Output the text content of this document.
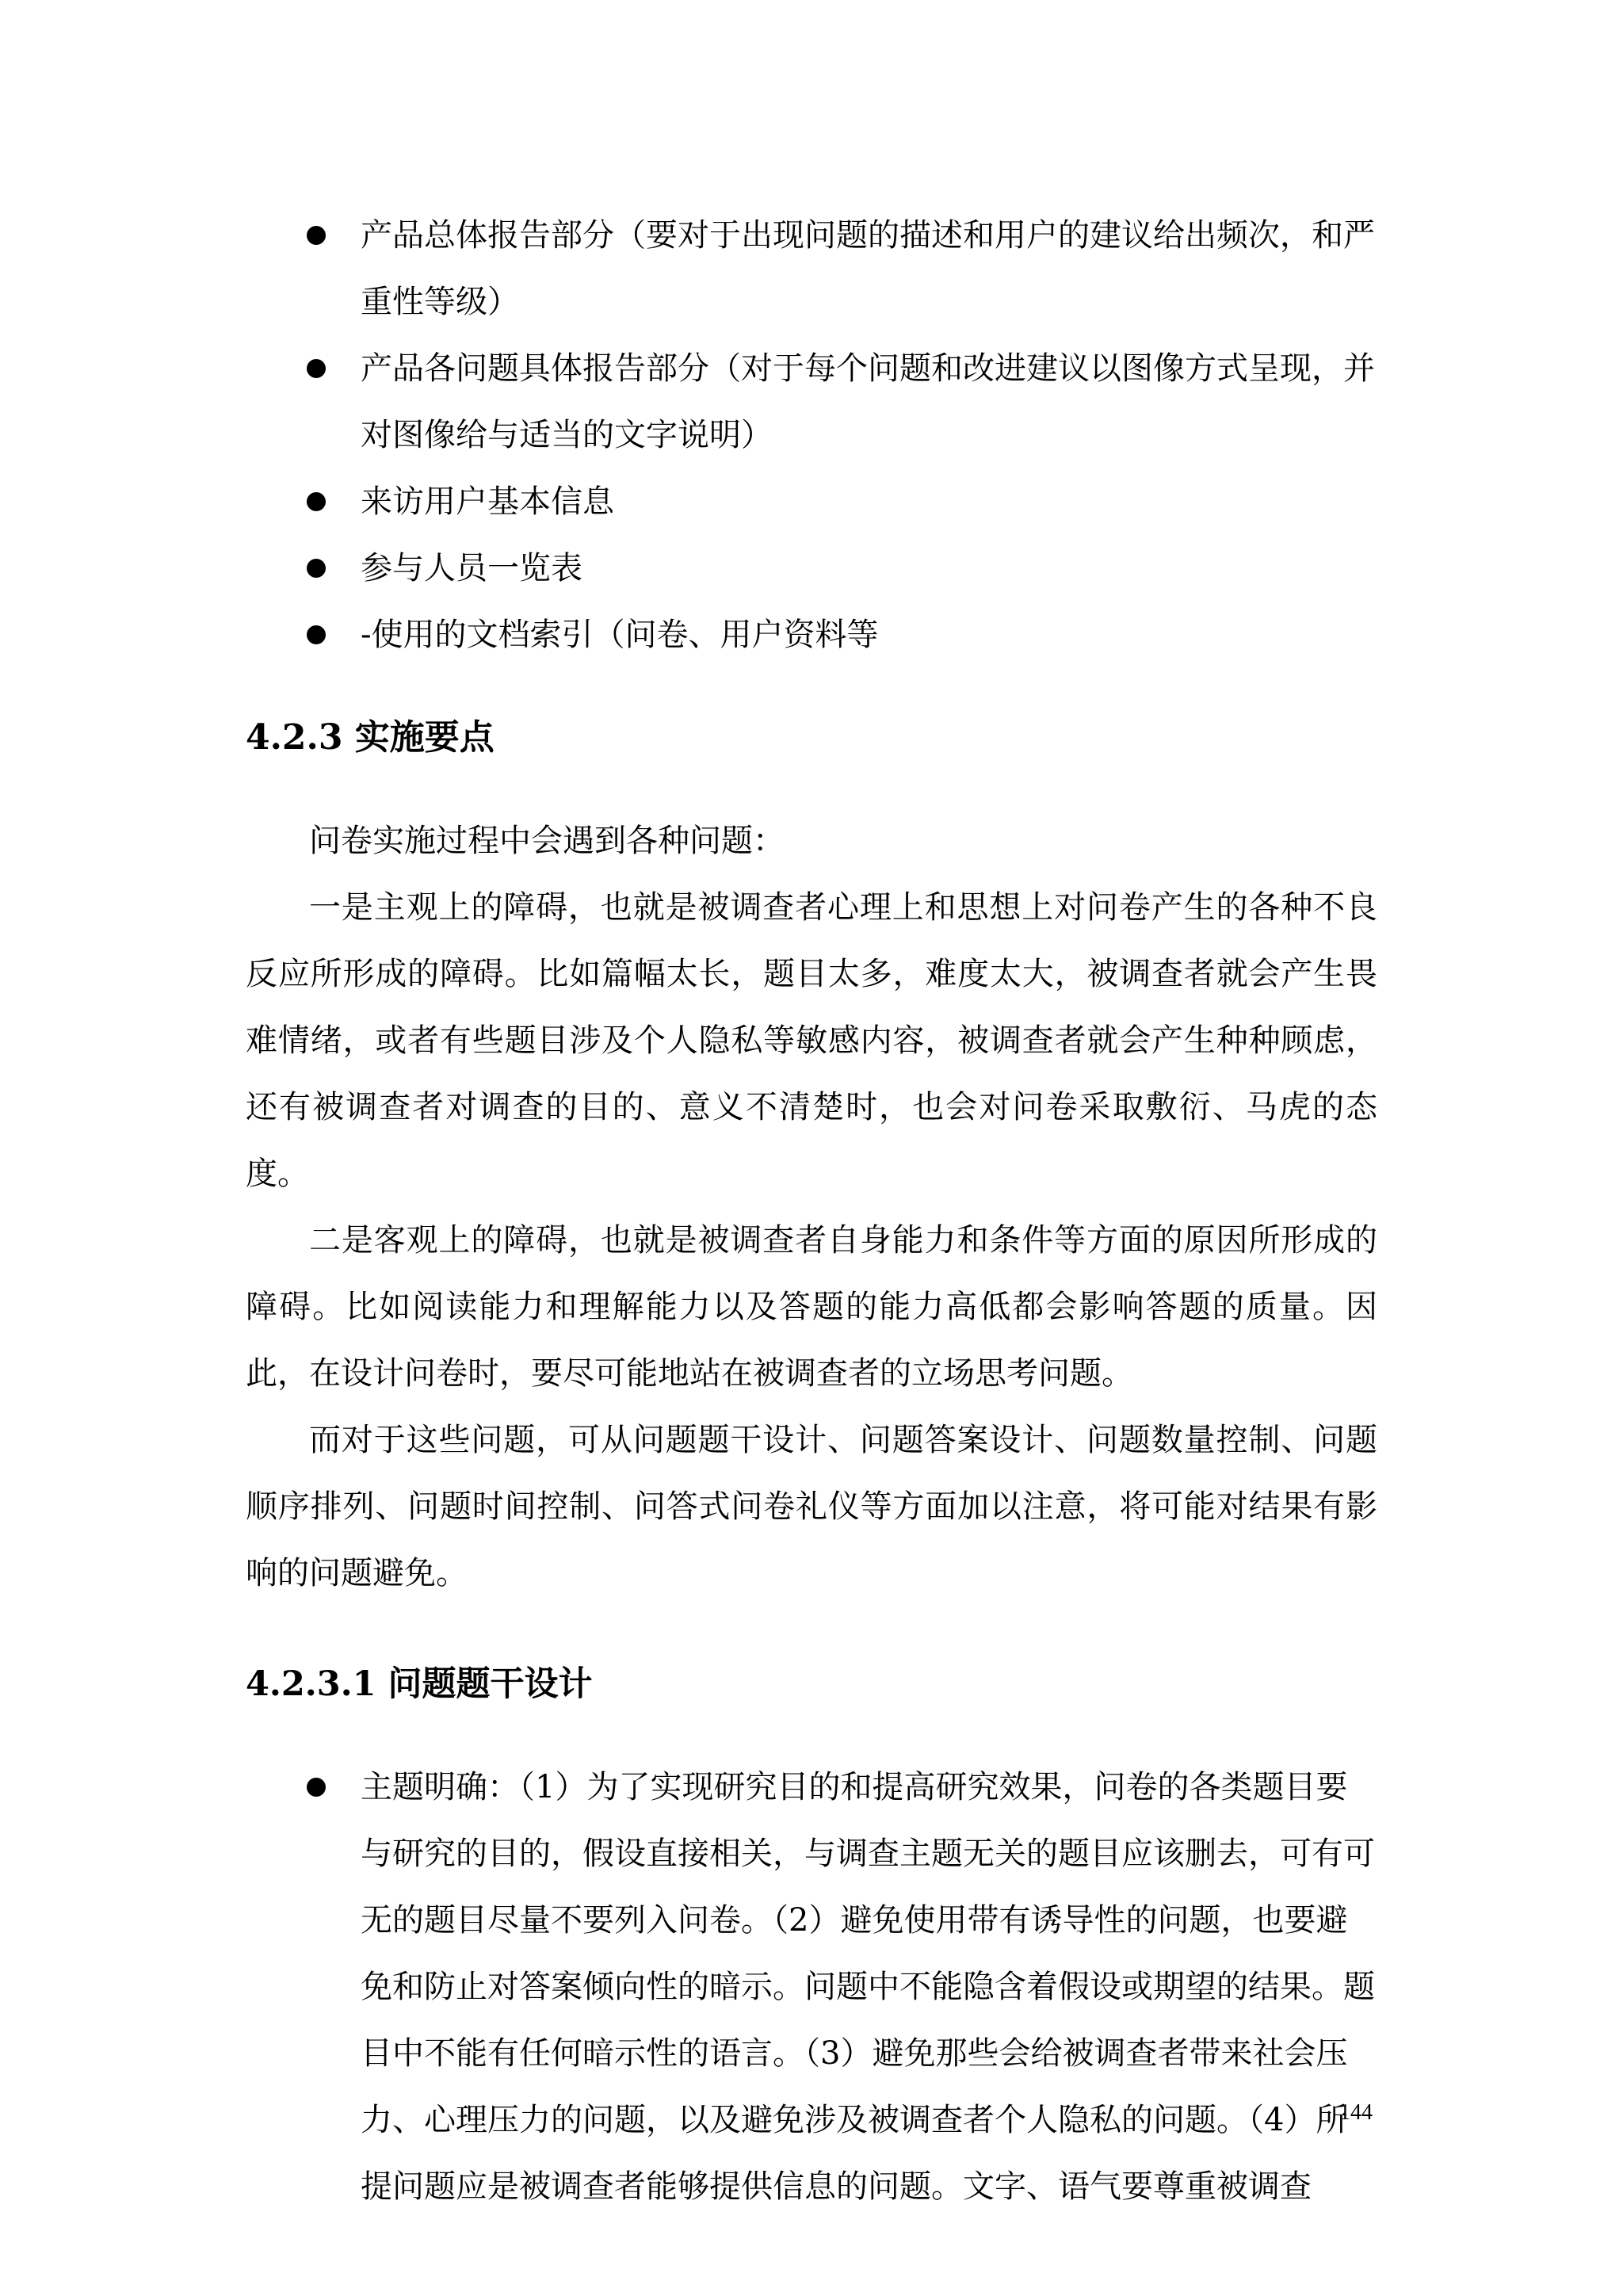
产品总体报告部分（要对于出现问题的描述和用户的建议给出频次，和严重性等级）
产品各问题具体报告部分（对于每个问题和改进建议以图像方式呈现，并对图像给与适当的文字说明）
来访用户基本信息
参与人员一览表
-使用的文档索引（问卷、用户资料等
4.2.3 实施要点

问卷实施过程中会遇到各种问题：

一是主观上的障碍，也就是被调查者心理上和思想上对问卷产生的各种不良反应所形成的障碍。比如篇幅太长，题目太多，难度太大，被调查者就会产生畏难情绪，或者有些题目涉及个人隐私等敏感内容，被调查者就会产生种种顾虑，还有被调查者对调查的目的、意义不清楚时，也会对问卷采取敷衍、马虎的态度。

二是客观上的障碍，也就是被调查者自身能力和条件等方面的原因所形成的障碍。比如阅读能力和理解能力以及答题的能力高低都会影响答题的质量。因此，在设计问卷时，要尽可能地站在被调查者的立场思考问题。

而对于这些问题，可从问题题干设计、问题答案设计、问题数量控制、问题顺序排列、问题时间控制、问答式问卷礼仪等方面加以注意，将可能对结果有影响的问题避免。

4.2.3.1 问题题干设计
主题明确：（1）为了实现研究目的和提高研究效果，问卷的各类题目要与研究的目的，假设直接相关，与调查主题无关的题目应该删去，可有可无的题目尽量不要列入问卷。（2）避免使用带有诱导性的问题，也要避免和防止对答案倾向性的暗示。问题中不能隐含着假设或期望的结果。题目中不能有任何暗示性的语言。（3）避免那些会给被调查者带来社会压力、心理压力的问题，以及避免涉及被调查者个人隐私的问题。（4）所提问题应是被调查者能够提供信息的问题。文字、语气要尊重被调查
144
